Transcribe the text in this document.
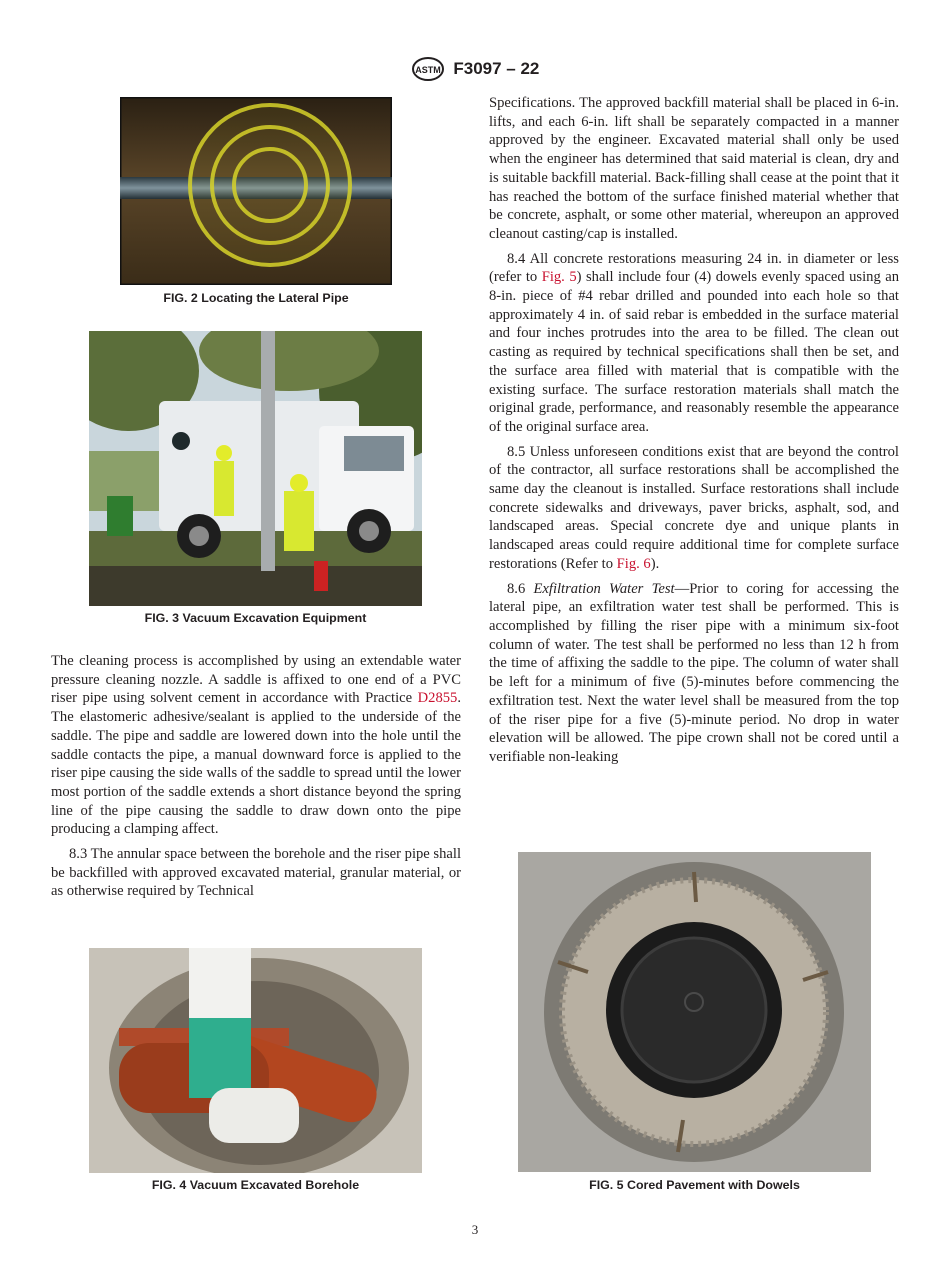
ASTM F3097 – 22
FIG. 2 Locating the Lateral Pipe
FIG. 3 Vacuum Excavation Equipment

The cleaning process is accomplished by using an extendable water pressure cleaning nozzle. A saddle is affixed to one end of a PVC riser pipe using solvent cement in accordance with Practice D2855. The elastomeric adhesive/sealant is applied to the underside of the saddle. The pipe and saddle are lowered down into the hole until the saddle contacts the pipe, a manual downward force is applied to the riser pipe causing the side walls of the saddle to spread until the lower most portion of the saddle extends a short distance beyond the spring line of the pipe causing the saddle to draw down onto the pipe producing a clamping affect.

8.3 The annular space between the borehole and the riser pipe shall be backfilled with approved excavated material, granular material, or as otherwise required by Technical

FIG. 4 Vacuum Excavated Borehole

Specifications. The approved backfill material shall be placed in 6-in. lifts, and each 6-in. lift shall be separately compacted in a manner approved by the engineer. Excavated material shall only be used when the engineer has determined that said material is clean, dry and is suitable backfill material. Back-filling shall cease at the point that it has reached the bottom of the surface finished material whether that be concrete, asphalt, or some other material, whereupon an approved cleanout casting/cap is installed.

8.4 All concrete restorations measuring 24 in. in diameter or less (refer to Fig. 5) shall include four (4) dowels evenly spaced using an 8-in. piece of #4 rebar drilled and pounded into each hole so that approximately 4 in. of said rebar is embedded in the surface material and four inches protrudes into the area to be filled. The clean out casting as required by technical specifications shall then be set, and the surface area filled with material that is compatible with the existing surface. The surface restoration materials shall match the original grade, performance, and reasonably resemble the appearance of the original surface area.

8.5 Unless unforeseen conditions exist that are beyond the control of the contractor, all surface restorations shall be accomplished the same day the cleanout is installed. Surface restorations shall include concrete sidewalks and driveways, paver bricks, asphalt, sod, and landscaped areas. Special concrete dye and unique plants in landscaped areas could require additional time for complete surface restorations (Refer to Fig. 6).

8.6 Exfiltration Water Test—Prior to coring for accessing the lateral pipe, an exfiltration water test shall be performed. This is accomplished by filling the riser pipe with a minimum six-foot column of water. The test shall be performed no less than 12 h from the time of affixing the saddle to the pipe. The column of water shall be left for a minimum of five (5)-minutes before commencing the exfiltration test. Next the water level shall be measured from the top of the riser pipe for a five (5)-minute period. No drop in water elevation will be allowed. The pipe crown shall not be cored until a verifiable non-leaking

FIG. 5 Cored Pavement with Dowels
3
